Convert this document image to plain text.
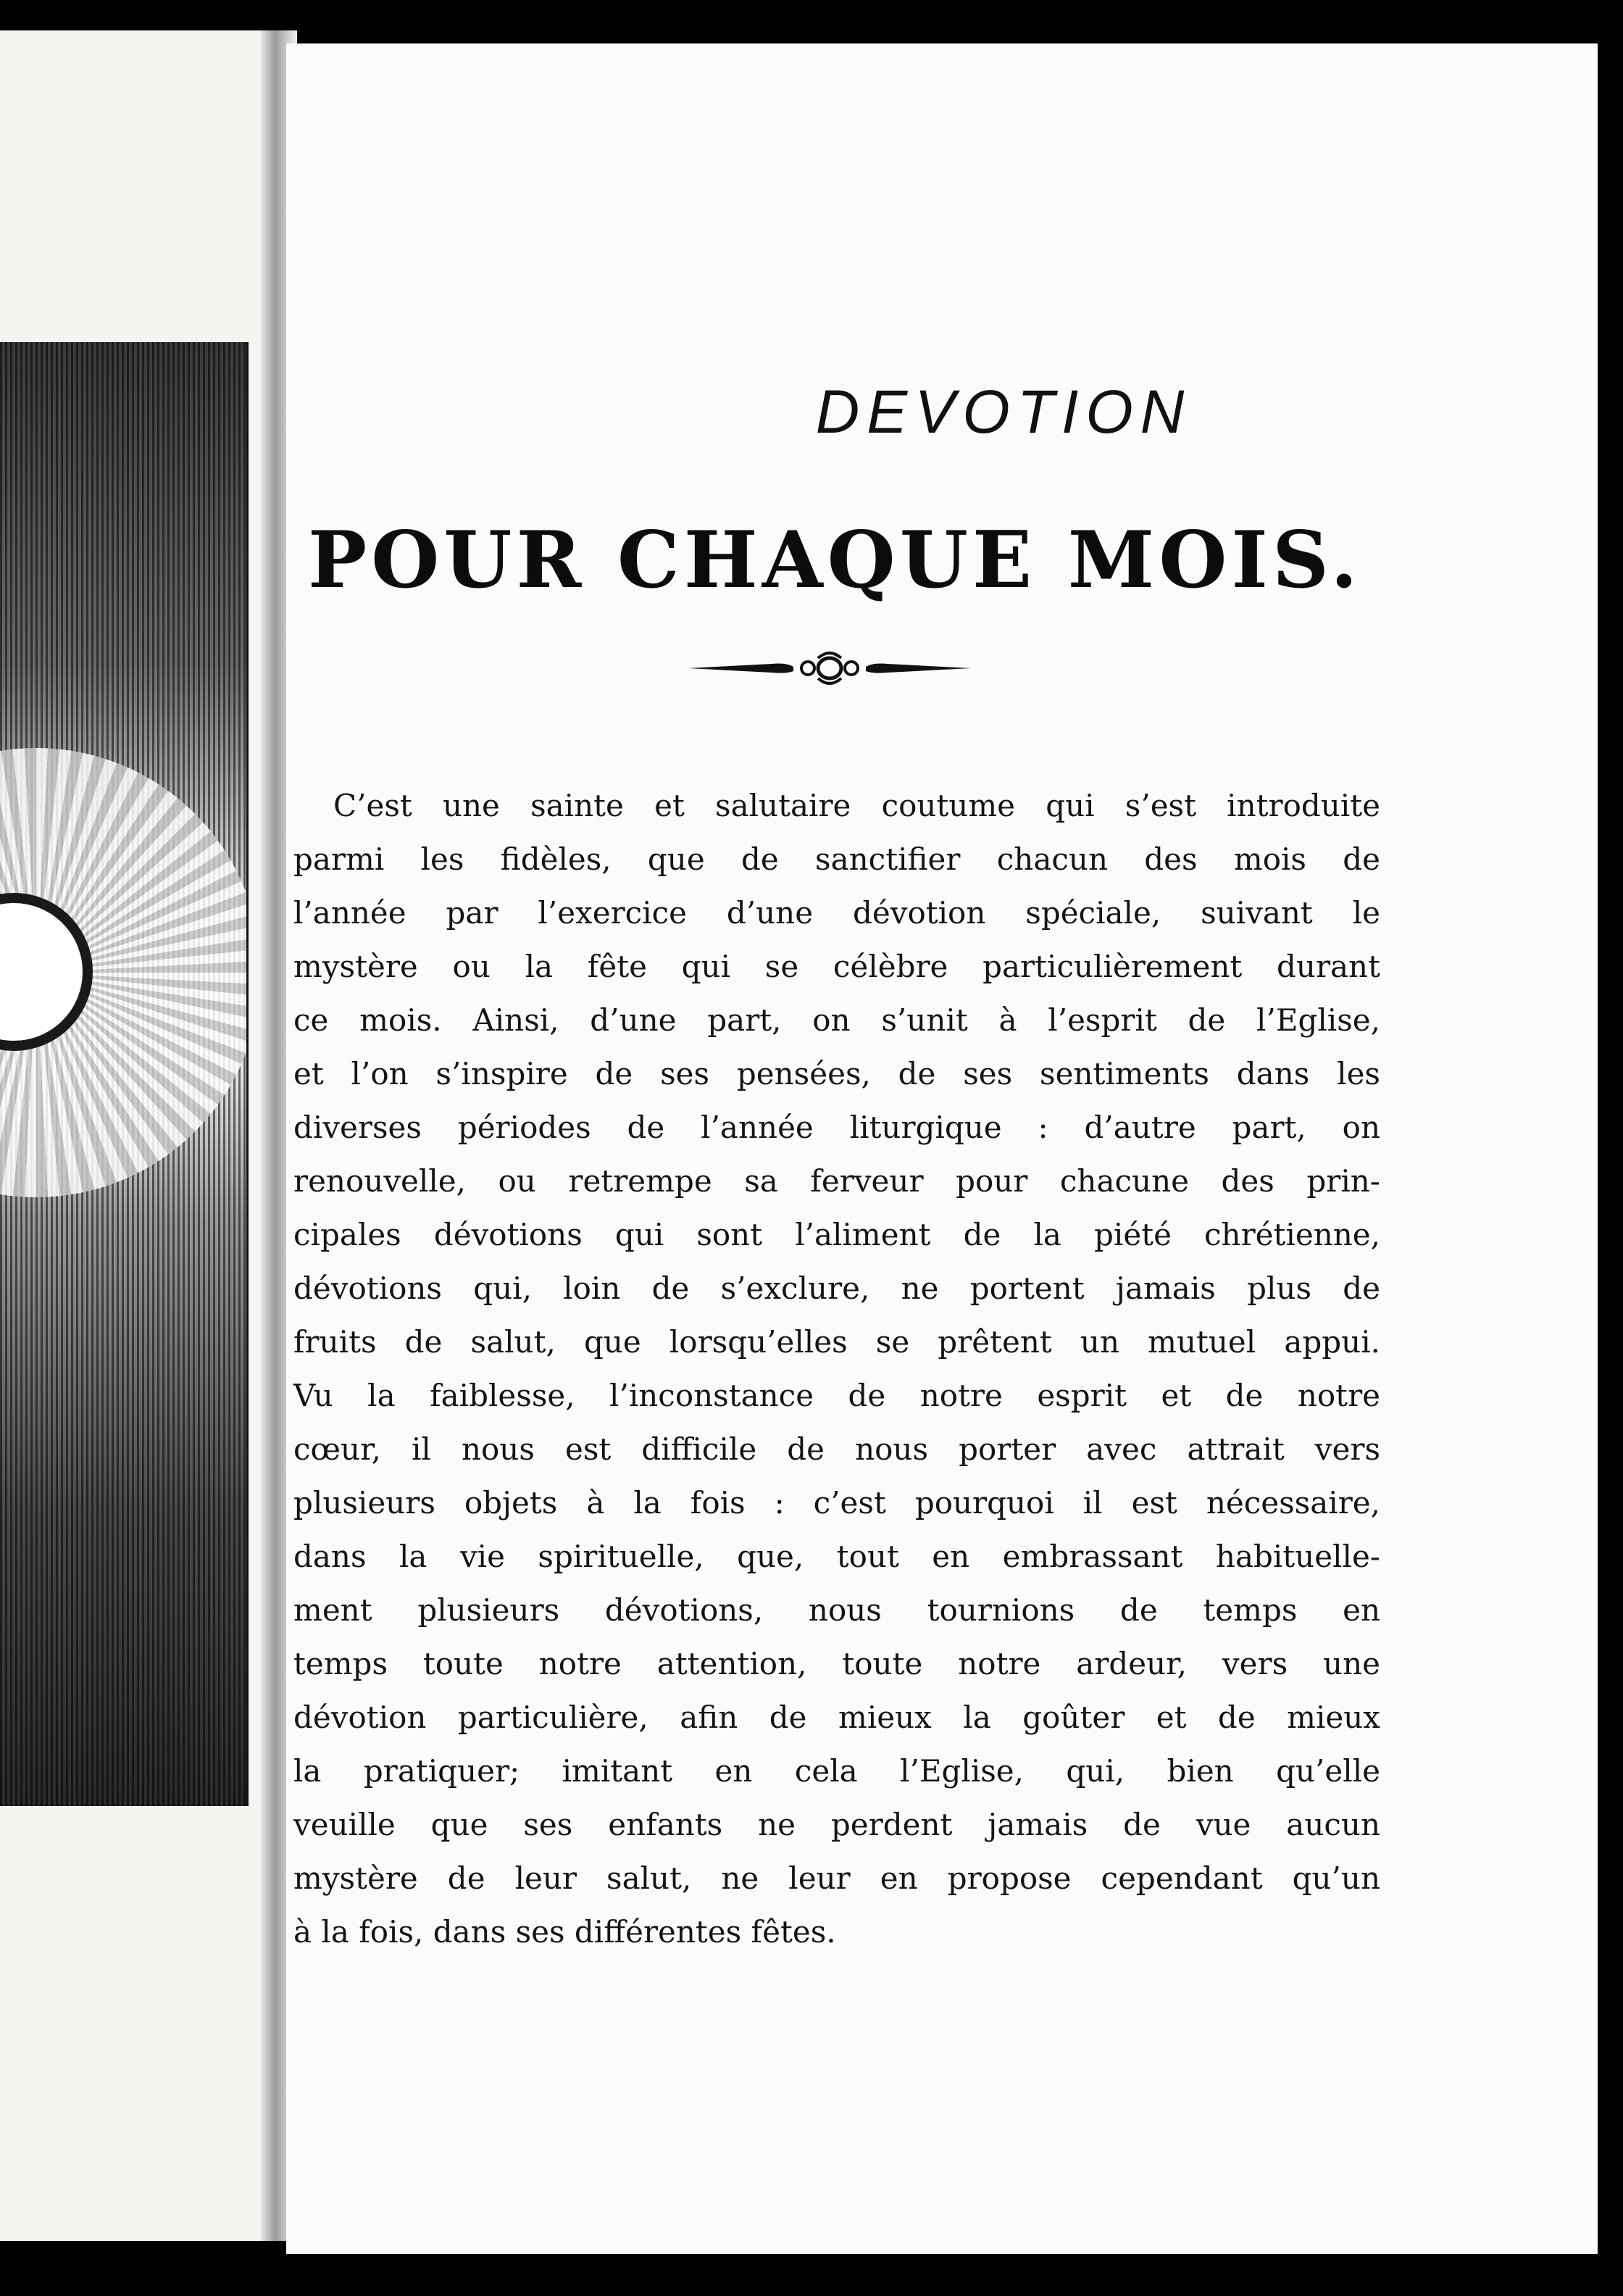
DEVOTION
POUR CHAQUE MOIS.
C’est une sainte et salutaire coutume qui s’est introduite
parmi les fidèles, que de sanctifier chacun des mois de
l’année par l’exercice d’une dévotion spéciale, suivant le
mystère ou la fête qui se célèbre particulièrement durant
ce mois. Ainsi, d’une part, on s’unit à l’esprit de l’Eglise,
et l’on s’inspire de ses pensées, de ses sentiments dans les
diverses périodes de l’année liturgique : d’autre part, on
renouvelle, ou retrempe sa ferveur pour chacune des prin-
cipales dévotions qui sont l’aliment de la piété chrétienne,
dévotions qui, loin de s’exclure, ne portent jamais plus de
fruits de salut, que lorsqu’elles se prêtent un mutuel appui.
Vu la faiblesse, l’inconstance de notre esprit et de notre
cœur, il nous est difficile de nous porter avec attrait vers
plusieurs objets à la fois : c’est pourquoi il est nécessaire,
dans la vie spirituelle, que, tout en embrassant habituelle-
ment plusieurs dévotions, nous tournions de temps en
temps toute notre attention, toute notre ardeur, vers une
dévotion particulière, afin de mieux la goûter et de mieux
la pratiquer; imitant en cela l’Eglise, qui, bien qu’elle
veuille que ses enfants ne perdent jamais de vue aucun
mystère de leur salut, ne leur en propose cependant qu’un
à la fois, dans ses différentes fêtes.
